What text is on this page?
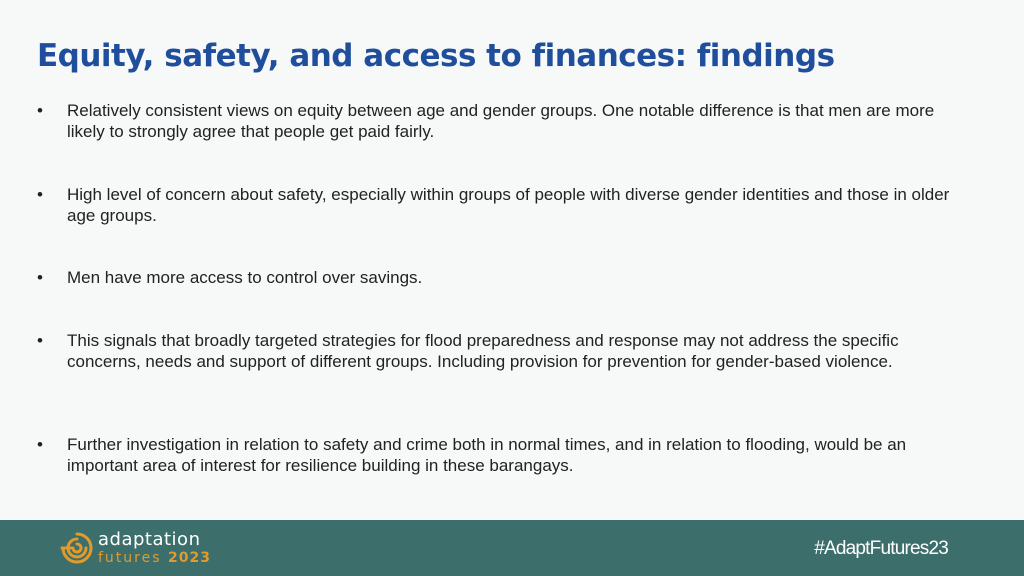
Equity, safety, and access to finances: findings
•	Relatively consistent views on equity between age and gender groups. One notable difference is that men are more likely to strongly agree that people get paid fairly.
•	High level of concern about safety, especially within groups of people with diverse gender identities and those in older age groups.
•	Men have more access to control over savings.
•	This signals that broadly targeted strategies for flood preparedness and response may not address the specific concerns, needs and support of different groups. Including provision for prevention for gender-based violence.
•	Further investigation in relation to safety and crime both in normal times, and in relation to flooding, would be an important area of interest for resilience building in these barangays.
adaptation
futures 2023	#AdaptFutures23
